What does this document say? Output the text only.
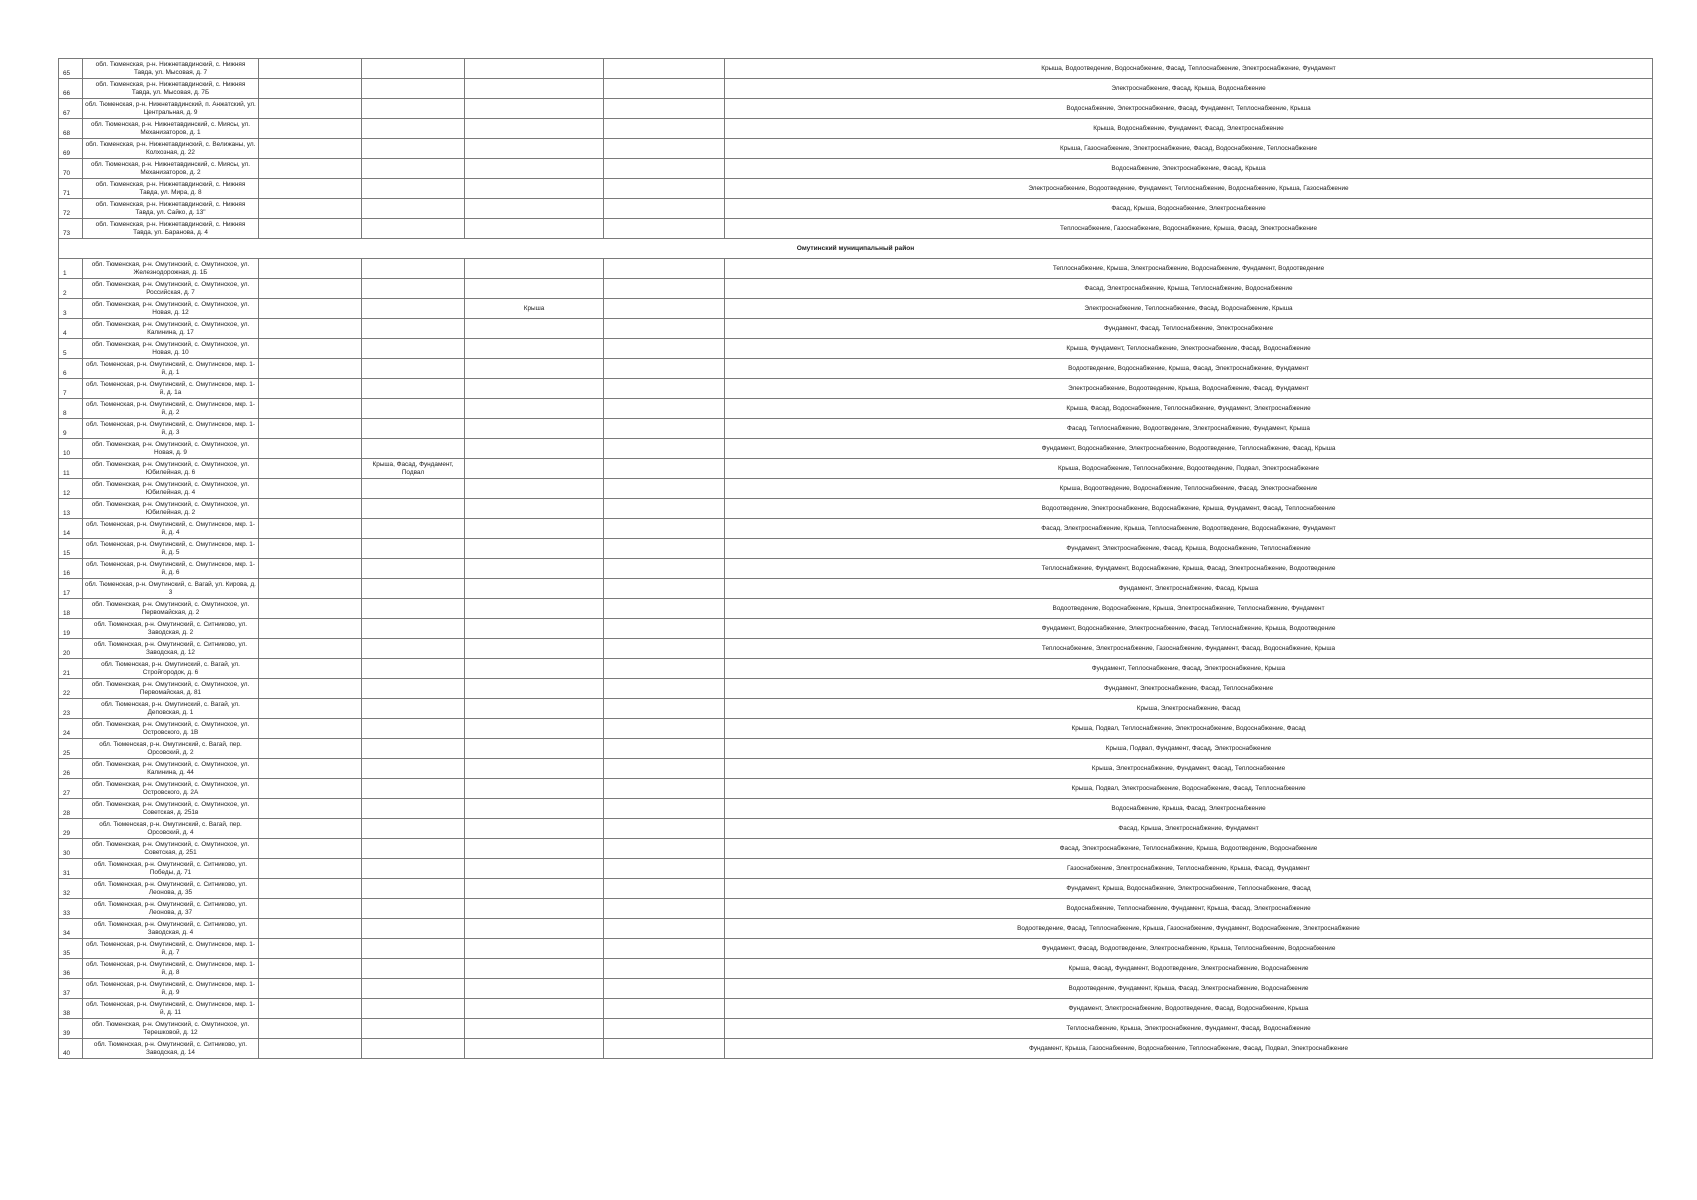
65	обл. Тюменская, р-н. Нижнетавдинский, с. Нижняя Тавда, ул. Мысовая, д. 7					Крыша, Водоотведение, Водоснабжение, Фасад, Теплоснабжение, Электроснабжение, Фундамент
66	обл. Тюменская, р-н. Нижнетавдинский, с. Нижняя Тавда, ул. Мысовая, д. 7Б					Электроснабжение, Фасад, Крыша, Водоснабжение
67	обл. Тюменская, р-н. Нижнетавдинский, п. Анжатский, ул. Центральная, д. 9					Водоснабжение, Электроснабжение, Фасад, Фундамент, Теплоснабжение, Крыша
68	обл. Тюменская, р-н. Нижнетавдинский, с. Миясы, ул. Механизаторов, д. 1					Крыша, Водоснабжение, Фундамент, Фасад, Электроснабжение
69	обл. Тюменская, р-н. Нижнетавдинский, с. Велижаны, ул. Колхозная, д. 22					Крыша, Газоснабжение, Электроснабжение, Фасад, Водоснабжение, Теплоснабжение
70	обл. Тюменская, р-н. Нижнетавдинский, с. Миясы, ул. Механизаторов, д. 2					Водоснабжение, Электроснабжение, Фасад, Крыша
71	обл. Тюменская, р-н. Нижнетавдинский, с. Нижняя Тавда, ул. Мира, д. 8					Электроснабжение, Водоотведение, Фундамент, Теплоснабжение, Водоснабжение, Крыша, Газоснабжение
72	обл. Тюменская, р-н. Нижнетавдинский, с. Нижняя Тавда, ул. Сайко, д. 13"					Фасад, Крыша, Водоснабжение, Электроснабжение
73	обл. Тюменская, р-н. Нижнетавдинский, с. Нижняя Тавда, ул. Баранова, д. 4					Теплоснабжение, Газоснабжение, Водоснабжение, Крыша, Фасад, Электроснабжение
Омутинский муниципальный район						
1	обл. Тюменская, р-н. Омутинский, с. Омутинское, ул. Железнодорожная, д. 1Б					Теплоснабжение, Крыша, Электроснабжение, Водоснабжение, Фундамент, Водоотведение
2	обл. Тюменская, р-н. Омутинский, с. Омутинское, ул. Российская, д. 7					Фасад, Электроснабжение, Крыша, Теплоснабжение, Водоснабжение
3	обл. Тюменская, р-н. Омутинский, с. Омутинское, ул. Новая, д. 12			Крыша		Электроснабжение, Теплоснабжение, Фасад, Водоснабжение, Крыша
4	обл. Тюменская, р-н. Омутинский, с. Омутинское, ул. Калинина, д. 17					Фундамент, Фасад, Теплоснабжение, Электроснабжение
5	обл. Тюменская, р-н. Омутинский, с. Омутинское, ул. Новая, д. 10					Крыша, Фундамент, Теплоснабжение, Электроснабжение, Фасад, Водоснабжение
6	обл. Тюменская, р-н. Омутинский, с. Омутинское, мкр. 1-й, д. 1					Водоотведение, Водоснабжение, Крыша, Фасад, Электроснабжение, Фундамент
7	обл. Тюменская, р-н. Омутинский, с. Омутинское, мкр. 1-й, д. 1а					Электроснабжение, Водоотведение, Крыша, Водоснабжение, Фасад, Фундамент
8	обл. Тюменская, р-н. Омутинский, с. Омутинское, мкр. 1-й, д. 2					Крыша, Фасад, Водоснабжение, Теплоснабжение, Фундамент, Электроснабжение
9	обл. Тюменская, р-н. Омутинский, с. Омутинское, мкр. 1-й, д. 3					Фасад, Теплоснабжение, Водоотведение, Электроснабжение, Фундамент, Крыша
10	обл. Тюменская, р-н. Омутинский, с. Омутинское, ул. Новая, д. 9					Фундамент, Водоснабжение, Электроснабжение, Водоотведение, Теплоснабжение, Фасад, Крыша
11	обл. Тюменская, р-н. Омутинский, с. Омутинское, ул. Юбилейная, д. 6		Крыша, Фасад, Фундамент, Подвал			Крыша, Водоснабжение, Теплоснабжение, Водоотведение, Подвал, Электроснабжение
12	обл. Тюменская, р-н. Омутинский, с. Омутинское, ул. Юбилейная, д. 4					Крыша, Водоотведение, Водоснабжение, Теплоснабжение, Фасад, Электроснабжение
13	обл. Тюменская, р-н. Омутинский, с. Омутинское, ул. Юбилейная, д. 2					Водоотведение, Электроснабжение, Водоснабжение, Крыша, Фундамент, Фасад, Теплоснабжение
14	обл. Тюменская, р-н. Омутинский, с. Омутинское, мкр. 1-й, д. 4					Фасад, Электроснабжение, Крыша, Теплоснабжение, Водоотведение, Водоснабжение, Фундамент
15	обл. Тюменская, р-н. Омутинский, с. Омутинское, мкр. 1-й, д. 5					Фундамент, Электроснабжение, Фасад, Крыша, Водоснабжение, Теплоснабжение
16	обл. Тюменская, р-н. Омутинский, с. Омутинское, мкр. 1-й, д. 6					Теплоснабжение, Фундамент, Водоснабжение, Крыша, Фасад, Электроснабжение, Водоотведение
17	обл. Тюменская, р-н. Омутинский, с. Вагай, ул. Кирова, д. 3					Фундамент, Электроснабжение, Фасад, Крыша
18	обл. Тюменская, р-н. Омутинский, с. Омутинское, ул. Первомайская, д. 2					Водоотведение, Водоснабжение, Крыша, Электроснабжение, Теплоснабжение, Фундамент
19	обл. Тюменская, р-н. Омутинский, с. Ситниково, ул. Заводская, д. 2					Фундамент, Водоснабжение, Электроснабжение, Фасад, Теплоснабжение, Крыша, Водоотведение
20	обл. Тюменская, р-н. Омутинский, с. Ситниково, ул. Заводская, д. 12					Теплоснабжение, Электроснабжение, Газоснабжение, Фундамент, Фасад, Водоснабжение, Крыша
21	обл. Тюменская, р-н. Омутинский, с. Вагай, ул. Стройгородок, д. 6					Фундамент, Теплоснабжение, Фасад, Электроснабжение, Крыша
22	обл. Тюменская, р-н. Омутинский, с. Омутинское, ул. Первомайская, д. 81					Фундамент, Электроснабжение, Фасад, Теплоснабжение
23	обл. Тюменская, р-н. Омутинский, с. Вагай, ул. Деповская, д. 1					Крыша, Электроснабжение, Фасад
24	обл. Тюменская, р-н. Омутинский, с. Омутинское, ул. Островского, д. 1В					Крыша, Подвал, Теплоснабжение, Электроснабжение, Водоснабжение, Фасад
25	обл. Тюменская, р-н. Омутинский, с. Вагай, пер. Орсовский, д. 2					Крыша, Подвал, Фундамент, Фасад, Электроснабжение
26	обл. Тюменская, р-н. Омутинский, с. Омутинское, ул. Калинина, д. 44					Крыша, Электроснабжение, Фундамент, Фасад, Теплоснабжение
27	обл. Тюменская, р-н. Омутинский, с. Омутинское, ул. Островского, д. 2А					Крыша, Подвал, Электроснабжение, Водоснабжение, Фасад, Теплоснабжение
28	обл. Тюменская, р-н. Омутинский, с. Омутинское, ул. Советская, д. 251в					Водоснабжение, Крыша, Фасад, Электроснабжение
29	обл. Тюменская, р-н. Омутинский, с. Вагай, пер. Орсовский, д. 4					Фасад, Крыша, Электроснабжение, Фундамент
30	обл. Тюменская, р-н. Омутинский, с. Омутинское, ул. Советская, д. 251					Фасад, Электроснабжение, Теплоснабжение, Крыша, Водоотведение, Водоснабжение
31	обл. Тюменская, р-н. Омутинский, с. Ситниково, ул. Победы, д. 71					Газоснабжение, Электроснабжение, Теплоснабжение, Крыша, Фасад, Фундамент
32	обл. Тюменская, р-н. Омутинский, с. Ситниково, ул. Леонова, д. 35					Фундамент, Крыша, Водоснабжение, Электроснабжение, Теплоснабжение, Фасад
33	обл. Тюменская, р-н. Омутинский, с. Ситниково, ул. Леонова, д. 37					Водоснабжение, Теплоснабжение, Фундамент, Крыша, Фасад, Электроснабжение
34	обл. Тюменская, р-н. Омутинский, с. Ситниково, ул. Заводская, д. 4					Водоотведение, Фасад, Теплоснабжение, Крыша, Газоснабжение, Фундамент, Водоснабжение, Электроснабжение
35	обл. Тюменская, р-н. Омутинский, с. Омутинское, мкр. 1-й, д. 7					Фундамент, Фасад, Водоотведение, Электроснабжение, Крыша, Теплоснабжение, Водоснабжение
36	обл. Тюменская, р-н. Омутинский, с. Омутинское, мкр. 1-й, д. 8					Крыша, Фасад, Фундамент, Водоотведение, Электроснабжение, Водоснабжение
37	обл. Тюменская, р-н. Омутинский, с. Омутинское, мкр. 1-й, д. 9					Водоотведение, Фундамент, Крыша, Фасад, Электроснабжение, Водоснабжение
38	обл. Тюменская, р-н. Омутинский, с. Омутинское, мкр. 1-й, д. 11					Фундамент, Электроснабжение, Водоотведение, Фасад, Водоснабжение, Крыша
39	обл. Тюменская, р-н. Омутинский, с. Омутинское, ул. Терешковой, д. 12					Теплоснабжение, Крыша, Электроснабжение, Фундамент, Фасад, Водоснабжение
40	обл. Тюменская, р-н. Омутинский, с. Ситниково, ул. Заводская, д. 14					Фундамент, Крыша, Газоснабжение, Водоснабжение, Теплоснабжение, Фасад, Подвал, Электроснабжение
